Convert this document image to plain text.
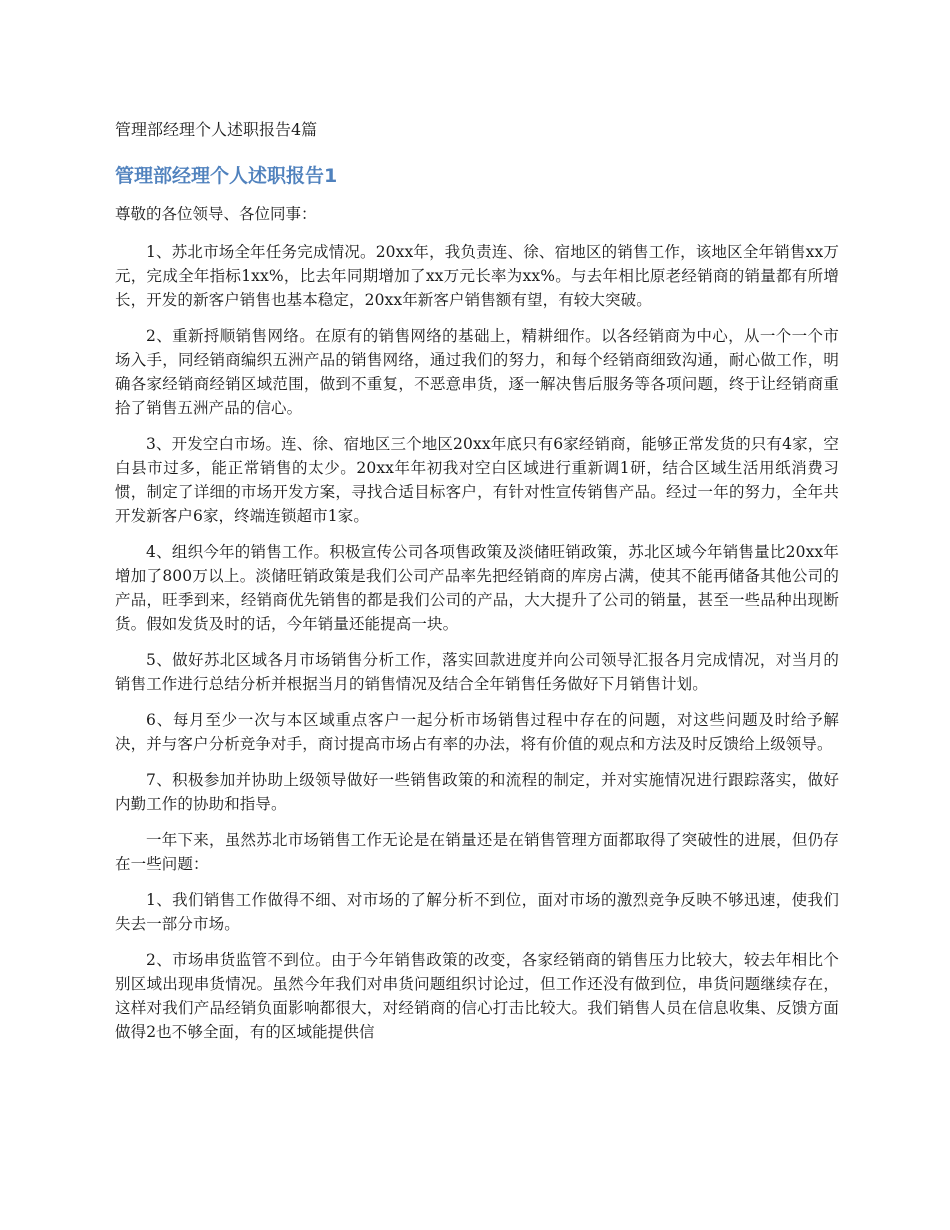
管理部经理个人述职报告4篇
管理部经理个人述职报告1
尊敬的各位领导、各位同事：

1、苏北市场全年任务完成情况。20xx年，我负责连、徐、宿地区的销售工作，该地区全年销售xx万元，完成全年指标1xx%，比去年同期增加了xx万元长率为xx%。与去年相比原老经销商的销量都有所增长，开发的新客户销售也基本稳定，20xx年新客户销售额有望，有较大突破。

2、重新捋顺销售网络。在原有的销售网络的基础上，精耕细作。以各经销商为中心，从一个一个市场入手，同经销商编织五洲产品的销售网络，通过我们的努力，和每个经销商细致沟通，耐心做工作，明确各家经销商经销区域范围，做到不重复，不恶意串货，逐一解决售后服务等各项问题，终于让经销商重拾了销售五洲产品的信心。

3、开发空白市场。连、徐、宿地区三个地区20xx年底只有6家经销商，能够正常发货的只有4家，空白县市过多，能正常销售的太少。20xx年年初我对空白区域进行重新调1研，结合区域生活用纸消费习惯，制定了详细的市场开发方案，寻找合适目标客户，有针对性宣传销售产品。经过一年的努力，全年共开发新客户6家，终端连锁超市1家。

4、组织今年的销售工作。积极宣传公司各项售政策及淡储旺销政策，苏北区域今年销售量比20xx年增加了800万以上。淡储旺销政策是我们公司产品率先把经销商的库房占满，使其不能再储备其他公司的产品，旺季到来，经销商优先销售的都是我们公司的产品，大大提升了公司的销量，甚至一些品种出现断货。假如发货及时的话，今年销量还能提高一块。

5、做好苏北区域各月市场销售分析工作，落实回款进度并向公司领导汇报各月完成情况，对当月的销售工作进行总结分析并根据当月的销售情况及结合全年销售任务做好下月销售计划。

6、每月至少一次与本区域重点客户一起分析市场销售过程中存在的问题，对这些问题及时给予解决，并与客户分析竞争对手，商讨提高市场占有率的办法，将有价值的观点和方法及时反馈给上级领导。

7、积极参加并协助上级领导做好一些销售政策的和流程的制定，并对实施情况进行跟踪落实，做好内勤工作的协助和指导。

一年下来，虽然苏北市场销售工作无论是在销量还是在销售管理方面都取得了突破性的进展，但仍存在一些问题：

1、我们销售工作做得不细、对市场的了解分析不到位，面对市场的激烈竞争反映不够迅速，使我们失去一部分市场。

2、市场串货监管不到位。由于今年销售政策的改变，各家经销商的销售压力比较大，较去年相比个别区域出现串货情况。虽然今年我们对串货问题组织讨论过，但工作还没有做到位，串货问题继续存在，这样对我们产品经销负面影响都很大，对经销商的信心打击比较大。我们销售人员在信息收集、反馈方面做得2也不够全面，有的区域能提供信
